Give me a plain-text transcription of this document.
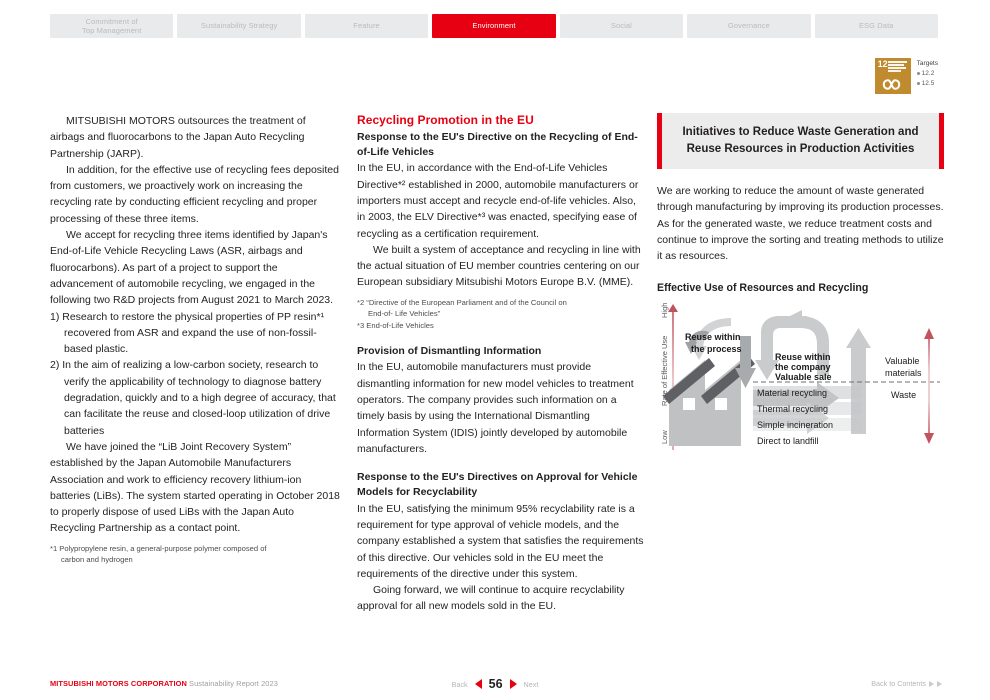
Commitment of
Top Management
Sustainability Strategy	Feature	Environment	Social	Governance	ESG Data
12	Targets
12.2
12.5

MITSUBISHI MOTORS outsources the treatment of airbags and fluorocarbons to the Japan Auto Recycling Partnership (JARP).

In addition, for the effective use of recycling fees deposited from customers, we proactively work on increasing the recycling rate by conducting efficient recycling and proper processing of these three items.

We accept for recycling three items identified by Japan's End-of-Life Vehicle Recycling Laws (ASR, airbags and fluorocarbons). As part of a project to support the advancement of automobile recycling, we engaged in the following two R&D projects from August 2021 to March 2023.

1) Research to restore the physical properties of PP resin*¹ recovered from ASR and expand the use of non-fossil-based plastic.

2) In the aim of realizing a low-carbon society, research to verify the applicability of technology to diagnose battery degradation, quickly and to a high degree of accuracy, that can facilitate the reuse and closed-loop utilization of drive batteries

We have joined the “LiB Joint Recovery System” established by the Japan Automobile Manufacturers Association and work to efficiency recovery lithium-ion batteries (LiBs). The system started operating in October 2018 to properly dispose of used LiBs with the Japan Auto Recycling Partnership as a contact point.

*1 Polypropylene resin, a general-purpose polymer composed of
carbon and hydrogen
Recycling Promotion in the EU
Response to the EU's Directive on the Recycling of End-of-Life Vehicles

In the EU, in accordance with the End-of-Life Vehicles Directive*² established in 2000, automobile manufacturers or importers must accept and recycle end-of-life vehicles. Also, in 2003, the ELV Directive*³ was enacted, specifying ease of recycling as a certification requirement.

We built a system of acceptance and recycling in line with the actual situation of EU member countries centering on our European subsidiary Mitsubishi Motors Europe B.V. (MME).

*2 “Directive of the European Parliament and of the Council on
End-of- Life Vehicles”
*3 End-of-Life Vehicles
Provision of Dismantling Information

In the EU, automobile manufacturers must provide dismantling information for new model vehicles to treatment operators. The company provides such information on a timely basis by using the International Dismantling Information System (IDIS) jointly developed by automobile manufacturers.

Response to the EU's Directives on Approval for Vehicle Models for Recyclability

In the EU, satisfying the minimum 95% recyclability rate is a requirement for type approval of vehicle models, and the company established a system that satisfies the requirements of this directive. Our vehicles sold in the EU meet the requirements of the directive under this system.

Going forward, we will continue to acquire recyclability approval for all new models sold in the EU.

Initiatives to Reduce Waste Generation and
Reuse Resources in Production Activities

We are working to reduce the amount of waste generated through manufacturing by improving its production processes. As for the generated waste, we reduce treatment costs and continue to improve the sorting and treating methods to utilize it as resources.

Effective Use of Resources and Recycling
High
Rate of Effective Use
Low
Reuse within
the process
Reuse within
the company
Valuable sale
Material recycling
Thermal recycling
Simple incineration
Direct to landfill
Valuable
materials
Waste
MITSUBISHI MOTORS CORPORATION Sustainability Report 2023	Back 56	Next	Back to Contents
